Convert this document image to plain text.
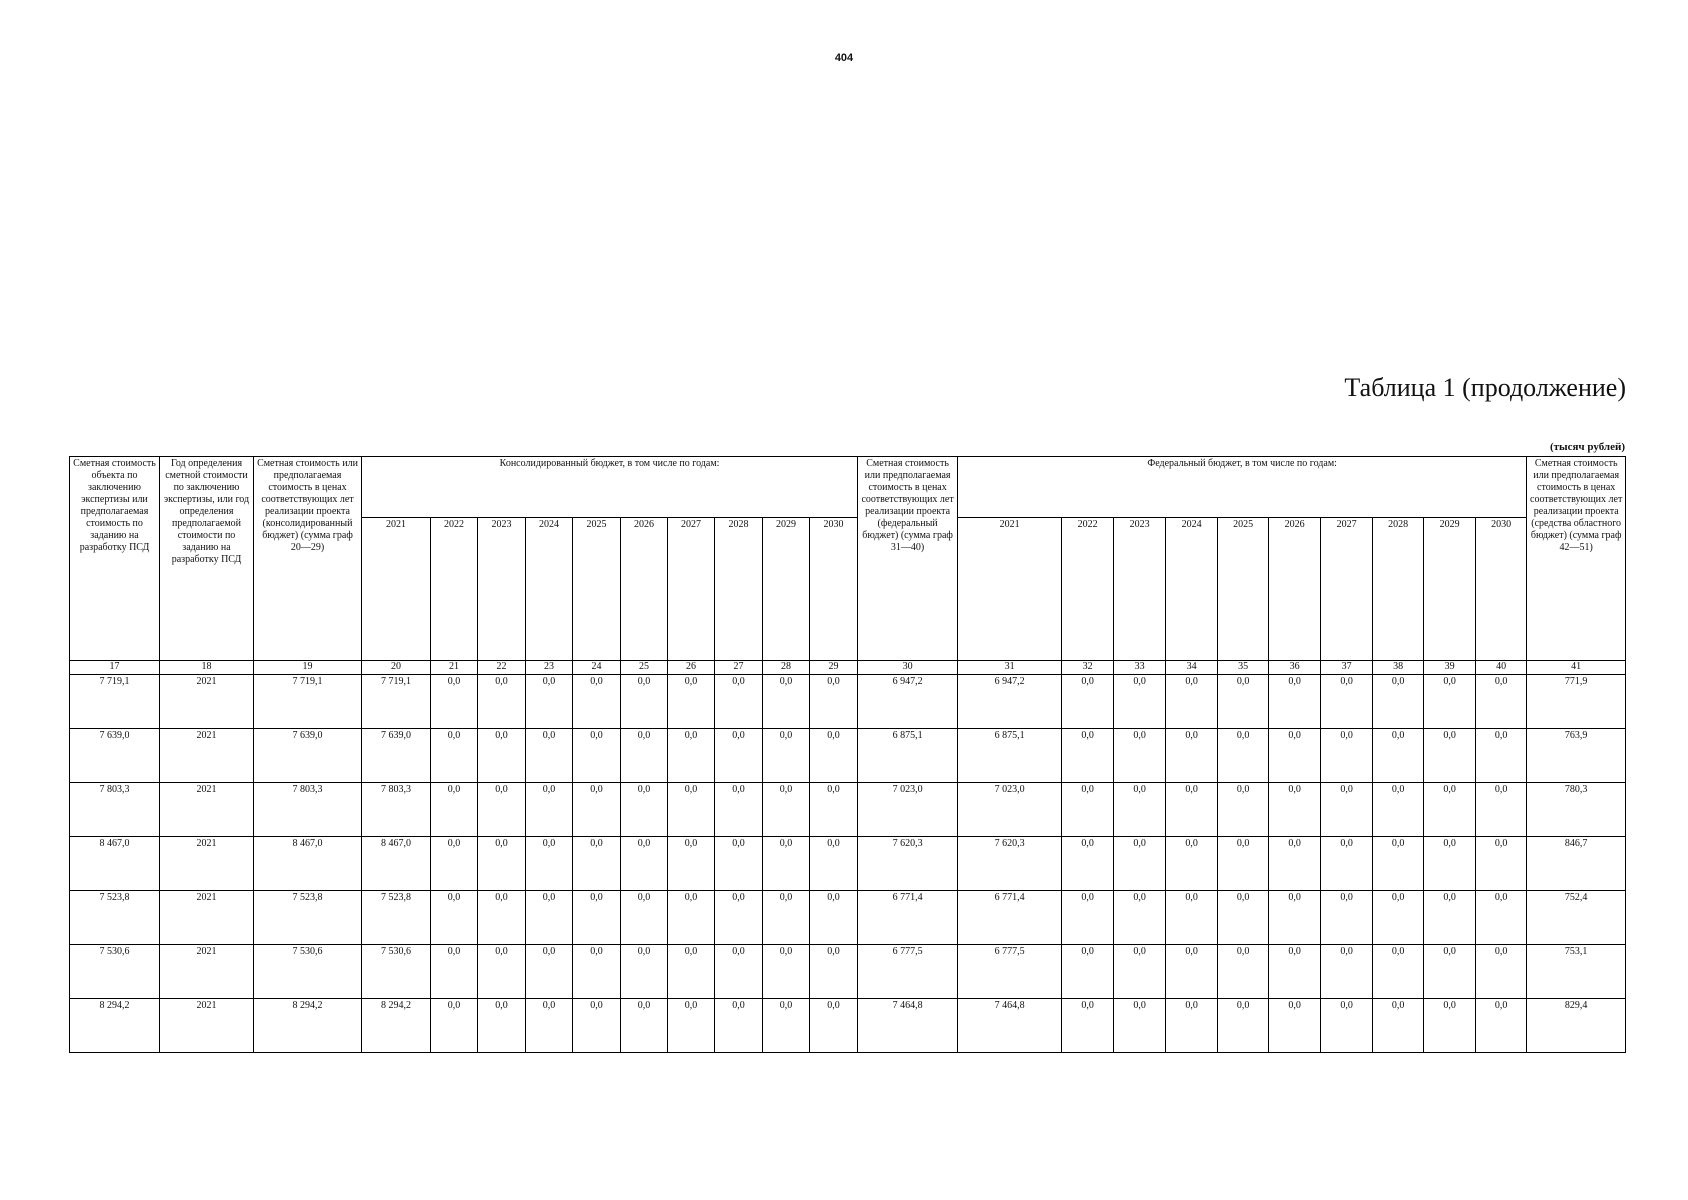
404
Таблица 1 (продолжение)
(тысяч рублей)
Сметная стоимость объекта по заключению экспертизы или предполагаемая стоимость по заданию на разработку ПСД	Год определения сметной стоимости по заключению экспертизы, или год определения предполагаемой стоимости по заданию на разработку ПСД	Сметная стоимость или предполагаемая стоимость в ценах соответствующих лет реализации проекта (консолидированный бюджет) (сумма граф 20—29)	Консолидированный бюджет, в том числе по годам:										Сметная стоимость или предполагаемая стоимость в ценах соответствующих лет реализации проекта (федеральный бюджет) (сумма граф 31—40)	Федеральный бюджет, в том числе по годам:										Сметная стоимость или предполагаемая стоимость в ценах соответствующих лет реализации проекта (средства областного бюджет) (сумма граф 42—51)
			2021	2022	2023	2024	2025	2026	2027	2028	2029	2030		2021	2022	2023	2024	2025	2026	2027	2028	2029	2030	
17	18	19	20	21	22	23	24	25	26	27	28	29	30	31	32	33	34	35	36	37	38	39	40	41
7 719,1	2021	7 719,1	7 719,1	0,0	0,0	0,0	0,0	0,0	0,0	0,0	0,0	0,0	6 947,2	6 947,2	0,0	0,0	0,0	0,0	0,0	0,0	0,0	0,0	0,0	771,9
7 639,0	2021	7 639,0	7 639,0	0,0	0,0	0,0	0,0	0,0	0,0	0,0	0,0	0,0	6 875,1	6 875,1	0,0	0,0	0,0	0,0	0,0	0,0	0,0	0,0	0,0	763,9
7 803,3	2021	7 803,3	7 803,3	0,0	0,0	0,0	0,0	0,0	0,0	0,0	0,0	0,0	7 023,0	7 023,0	0,0	0,0	0,0	0,0	0,0	0,0	0,0	0,0	0,0	780,3
8 467,0	2021	8 467,0	8 467,0	0,0	0,0	0,0	0,0	0,0	0,0	0,0	0,0	0,0	7 620,3	7 620,3	0,0	0,0	0,0	0,0	0,0	0,0	0,0	0,0	0,0	846,7
7 523,8	2021	7 523,8	7 523,8	0,0	0,0	0,0	0,0	0,0	0,0	0,0	0,0	0,0	6 771,4	6 771,4	0,0	0,0	0,0	0,0	0,0	0,0	0,0	0,0	0,0	752,4
7 530,6	2021	7 530,6	7 530,6	0,0	0,0	0,0	0,0	0,0	0,0	0,0	0,0	0,0	6 777,5	6 777,5	0,0	0,0	0,0	0,0	0,0	0,0	0,0	0,0	0,0	753,1
8 294,2	2021	8 294,2	8 294,2	0,0	0,0	0,0	0,0	0,0	0,0	0,0	0,0	0,0	7 464,8	7 464,8	0,0	0,0	0,0	0,0	0,0	0,0	0,0	0,0	0,0	829,4
